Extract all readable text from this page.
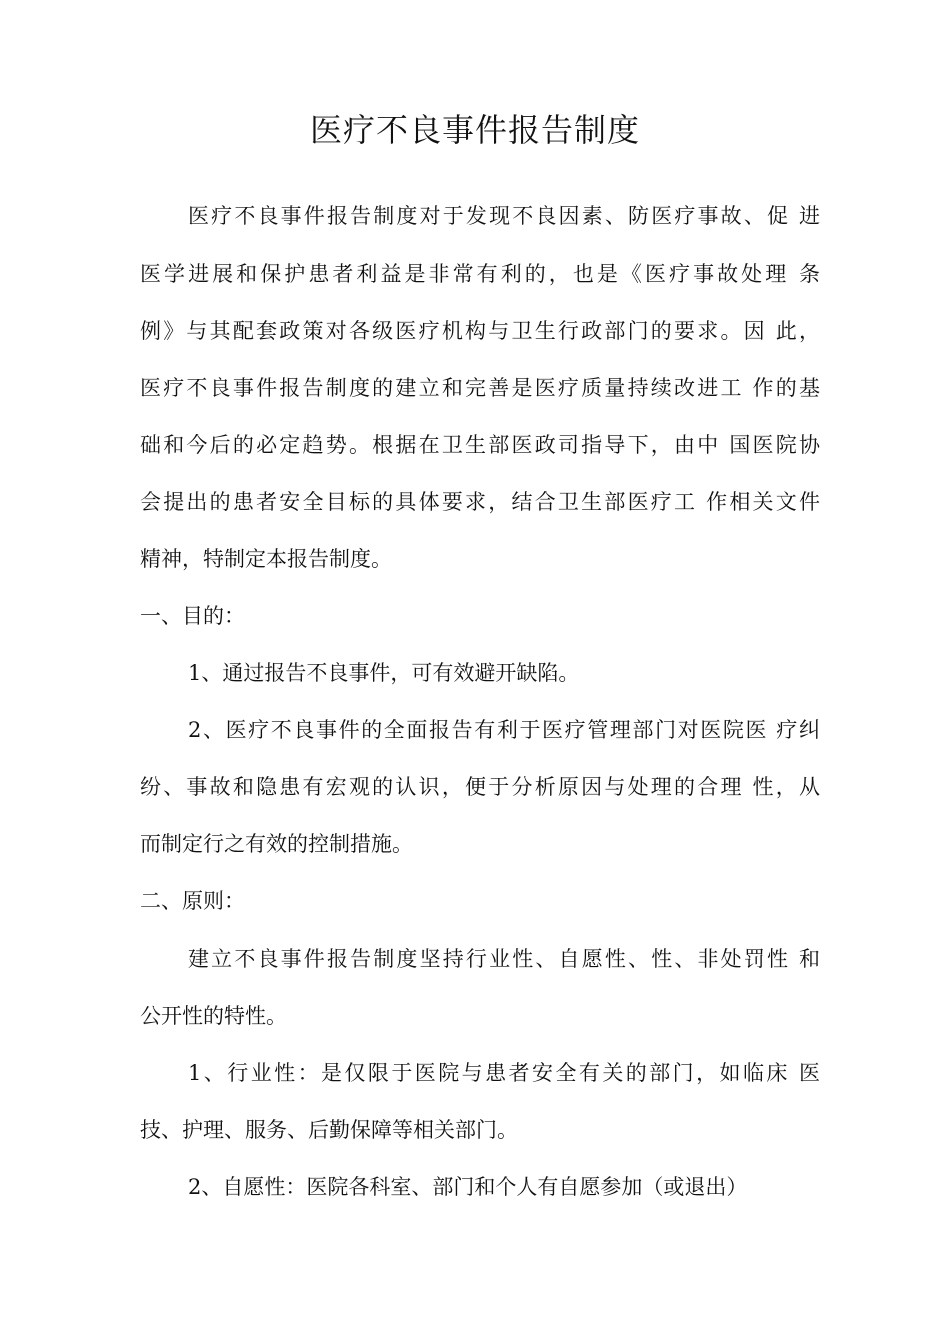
医疗不良事件报告制度
医疗不良事件报告制度对于发现不良因素、防医疗事故、促 进
医学进展和保护患者利益是非常有利的，也是《医疗事故处理 条
例》与其配套政策对各级医疗机构与卫生行政部门的要求。因 此，
医疗不良事件报告制度的建立和完善是医疗质量持续改进工 作的基
础和今后的必定趋势。根据在卫生部医政司指导下，由中 国医院协
会提出的患者安全目标的具体要求，结合卫生部医疗工 作相关文件
精神，特制定本报告制度。
一、目的：
1、通过报告不良事件，可有效避开缺陷。
2、医疗不良事件的全面报告有利于医疗管理部门对医院医 疗纠
纷、事故和隐患有宏观的认识，便于分析原因与处理的合理 性，从
而制定行之有效的控制措施。
二、原则：
建立不良事件报告制度坚持行业性、自愿性、性、非处罚性 和
公开性的特性。
1、行业性：是仅限于医院与患者安全有关的部门，如临床 医
技、护理、服务、后勤保障等相关部门。
2、自愿性：医院各科室、部门和个人有自愿参加（或退出）
